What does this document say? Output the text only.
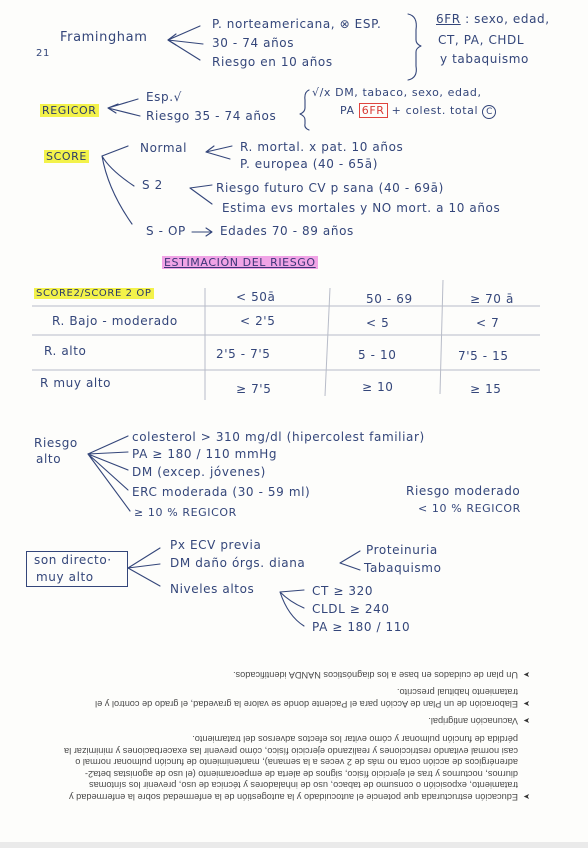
21
Framingham
P. norteamericana, ⊗ ESP.
30 - 74 años
Riesgo en 10 años
6FR : sexo, edad,
CT, PA, CHDL
y tabaquismo
REGICOR
Esp.√
Riesgo 35 - 74 años
√/x DM, tabaco, sexo, edad,
PA 6FR + colest. total C
SCORE
Normal	R. mortal. x pat. 10 años
P. europea (40 - 65ā)
S 2	Riesgo futuro CV p sana (40 - 69ā)
Estima evs mortales y NO mort. a 10 años
S - OP	Edades 70 - 89 años
ESTIMACIÓN DEL RIESGO
SCORE2/SCORE 2 OP	< 50ā	50 - 69	≥ 70 ā
R. Bajo - moderado	< 2'5	< 5	< 7
R. alto	2'5 - 7'5	5 - 10	7'5 - 15
R muy alto	≥ 7'5	≥ 10	≥ 15
Riesgo
alto
colesterol > 310 mg/dl (hipercolest familiar)
PA ≥ 180 / 110 mmHg
DM (excep. jóvenes)
ERC moderada (30 - 59 ml)
≥ 10 % REGICOR
Riesgo moderado
< 10 % REGICOR
son directo·
muy alto
Px ECV previa
DM daño órgs. diana
Niveles altos
Proteinuria
Tabaquismo
CT ≥ 320
CLDL ≥ 240
PA ≥ 180 / 110
➤ Educación estructurada que potencie el autocuidado y la autogestión de la enfermedad sobre la enfermedad y tratamiento, exposición o consumo de tabaco, uso de inhaladores y técnica de uso, prevenir los síntomas diurnos, nocturnos y tras el ejercicio físico, signos de alerta de empeoramiento (el uso de agonistas beta2-adrenérgicos de acción corta no más de 2 veces a la semana), mantenimiento de función pulmonar normal o casi normal evitando restricciones y realizando ejercicio físico, cómo prevenir las exacerbaciones y minimizar la pérdida de función pulmonar y cómo evitar los efectos adversos del tratamiento.
➤ Vacunación antigripal.
➤ Elaboración de un Plan de Acción para el Paciente donde se valore la gravedad, el grado de control y el tratamiento habitual prescrito.
➤ Un plan de cuidados en base a los diagnósticos NANDA identificados.
